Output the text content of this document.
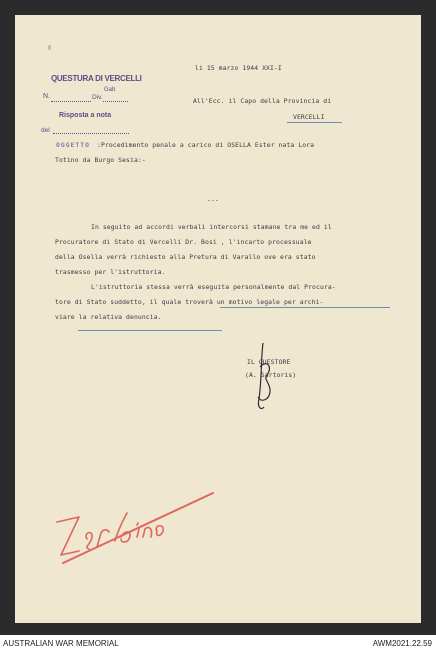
QUESTURA DI VERCELLI
N.	Div.
Gab
Risposta a nota
del
li 15 marzo 1944 XXI-I
All'Ecc. il Capo della Provincia di
VERCELLI
OGGETTO :Procedimento penale a carico di OSELLA Ester nata Lora
Totino da Burgo Sesia:-
---
In seguito ad accordi verbali intercorsi stamane tra me ed il
Procuratore di Stato di Vercelli Dr. Bosi , l'incarto processuale
della Osella verrà richiesto alla Pretura di Varallo ove era stato
trasmesso per l'istruttoria.
L'istruttoria stessa verrà eseguita personalmente dal Procura-
tore di Stato suddetto, il quale troverà un motivo legale per archi-
viare la relativa denuncia.
IL QUESTORE
(A. Sartoris)
AUSTRALIAN WAR MEMORIAL	AWM2021.22.59
